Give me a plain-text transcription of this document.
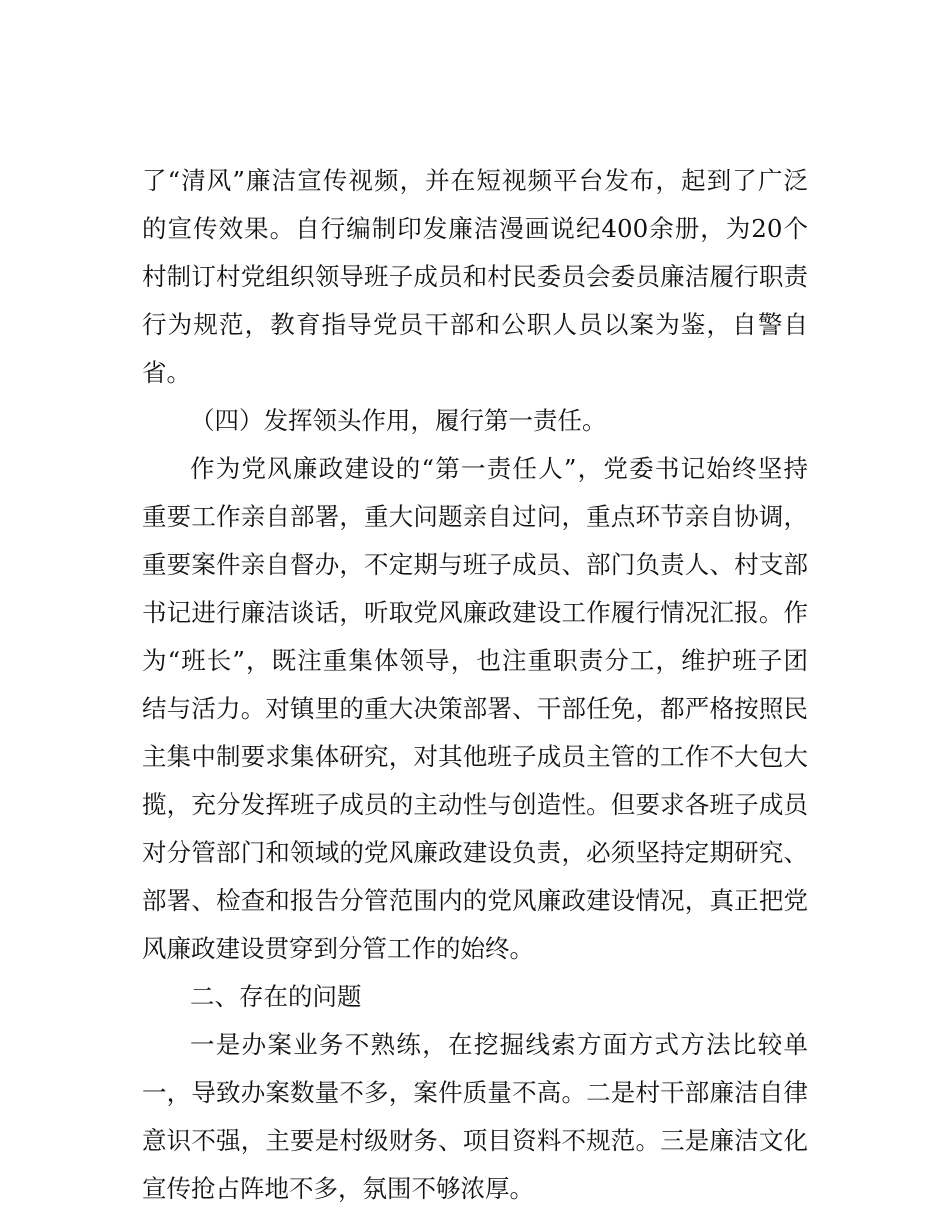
了“清风”廉洁宣传视频，并在短视频平台发布，起到了广泛
的宣传效果。自行编制印发廉洁漫画说纪400余册，为20个
村制订村党组织领导班子成员和村民委员会委员廉洁履行职责
行为规范，教育指导党员干部和公职人员以案为鉴，自警自
省。
（四）发挥领头作用，履行第一责任。
作为党风廉政建设的“第一责任人”，党委书记始终坚持
重要工作亲自部署，重大问题亲自过问，重点环节亲自协调，
重要案件亲自督办，不定期与班子成员、部门负责人、村支部
书记进行廉洁谈话，听取党风廉政建设工作履行情况汇报。作
为“班长”，既注重集体领导，也注重职责分工，维护班子团
结与活力。对镇里的重大决策部署、干部任免，都严格按照民
主集中制要求集体研究，对其他班子成员主管的工作不大包大
揽，充分发挥班子成员的主动性与创造性。但要求各班子成员
对分管部门和领域的党风廉政建设负责，必须坚持定期研究、
部署、检查和报告分管范围内的党风廉政建设情况，真正把党
风廉政建设贯穿到分管工作的始终。
二、存在的问题
一是办案业务不熟练，在挖掘线索方面方式方法比较单
一，导致办案数量不多，案件质量不高。二是村干部廉洁自律
意识不强，主要是村级财务、项目资料不规范。三是廉洁文化
宣传抢占阵地不多，氛围不够浓厚。
